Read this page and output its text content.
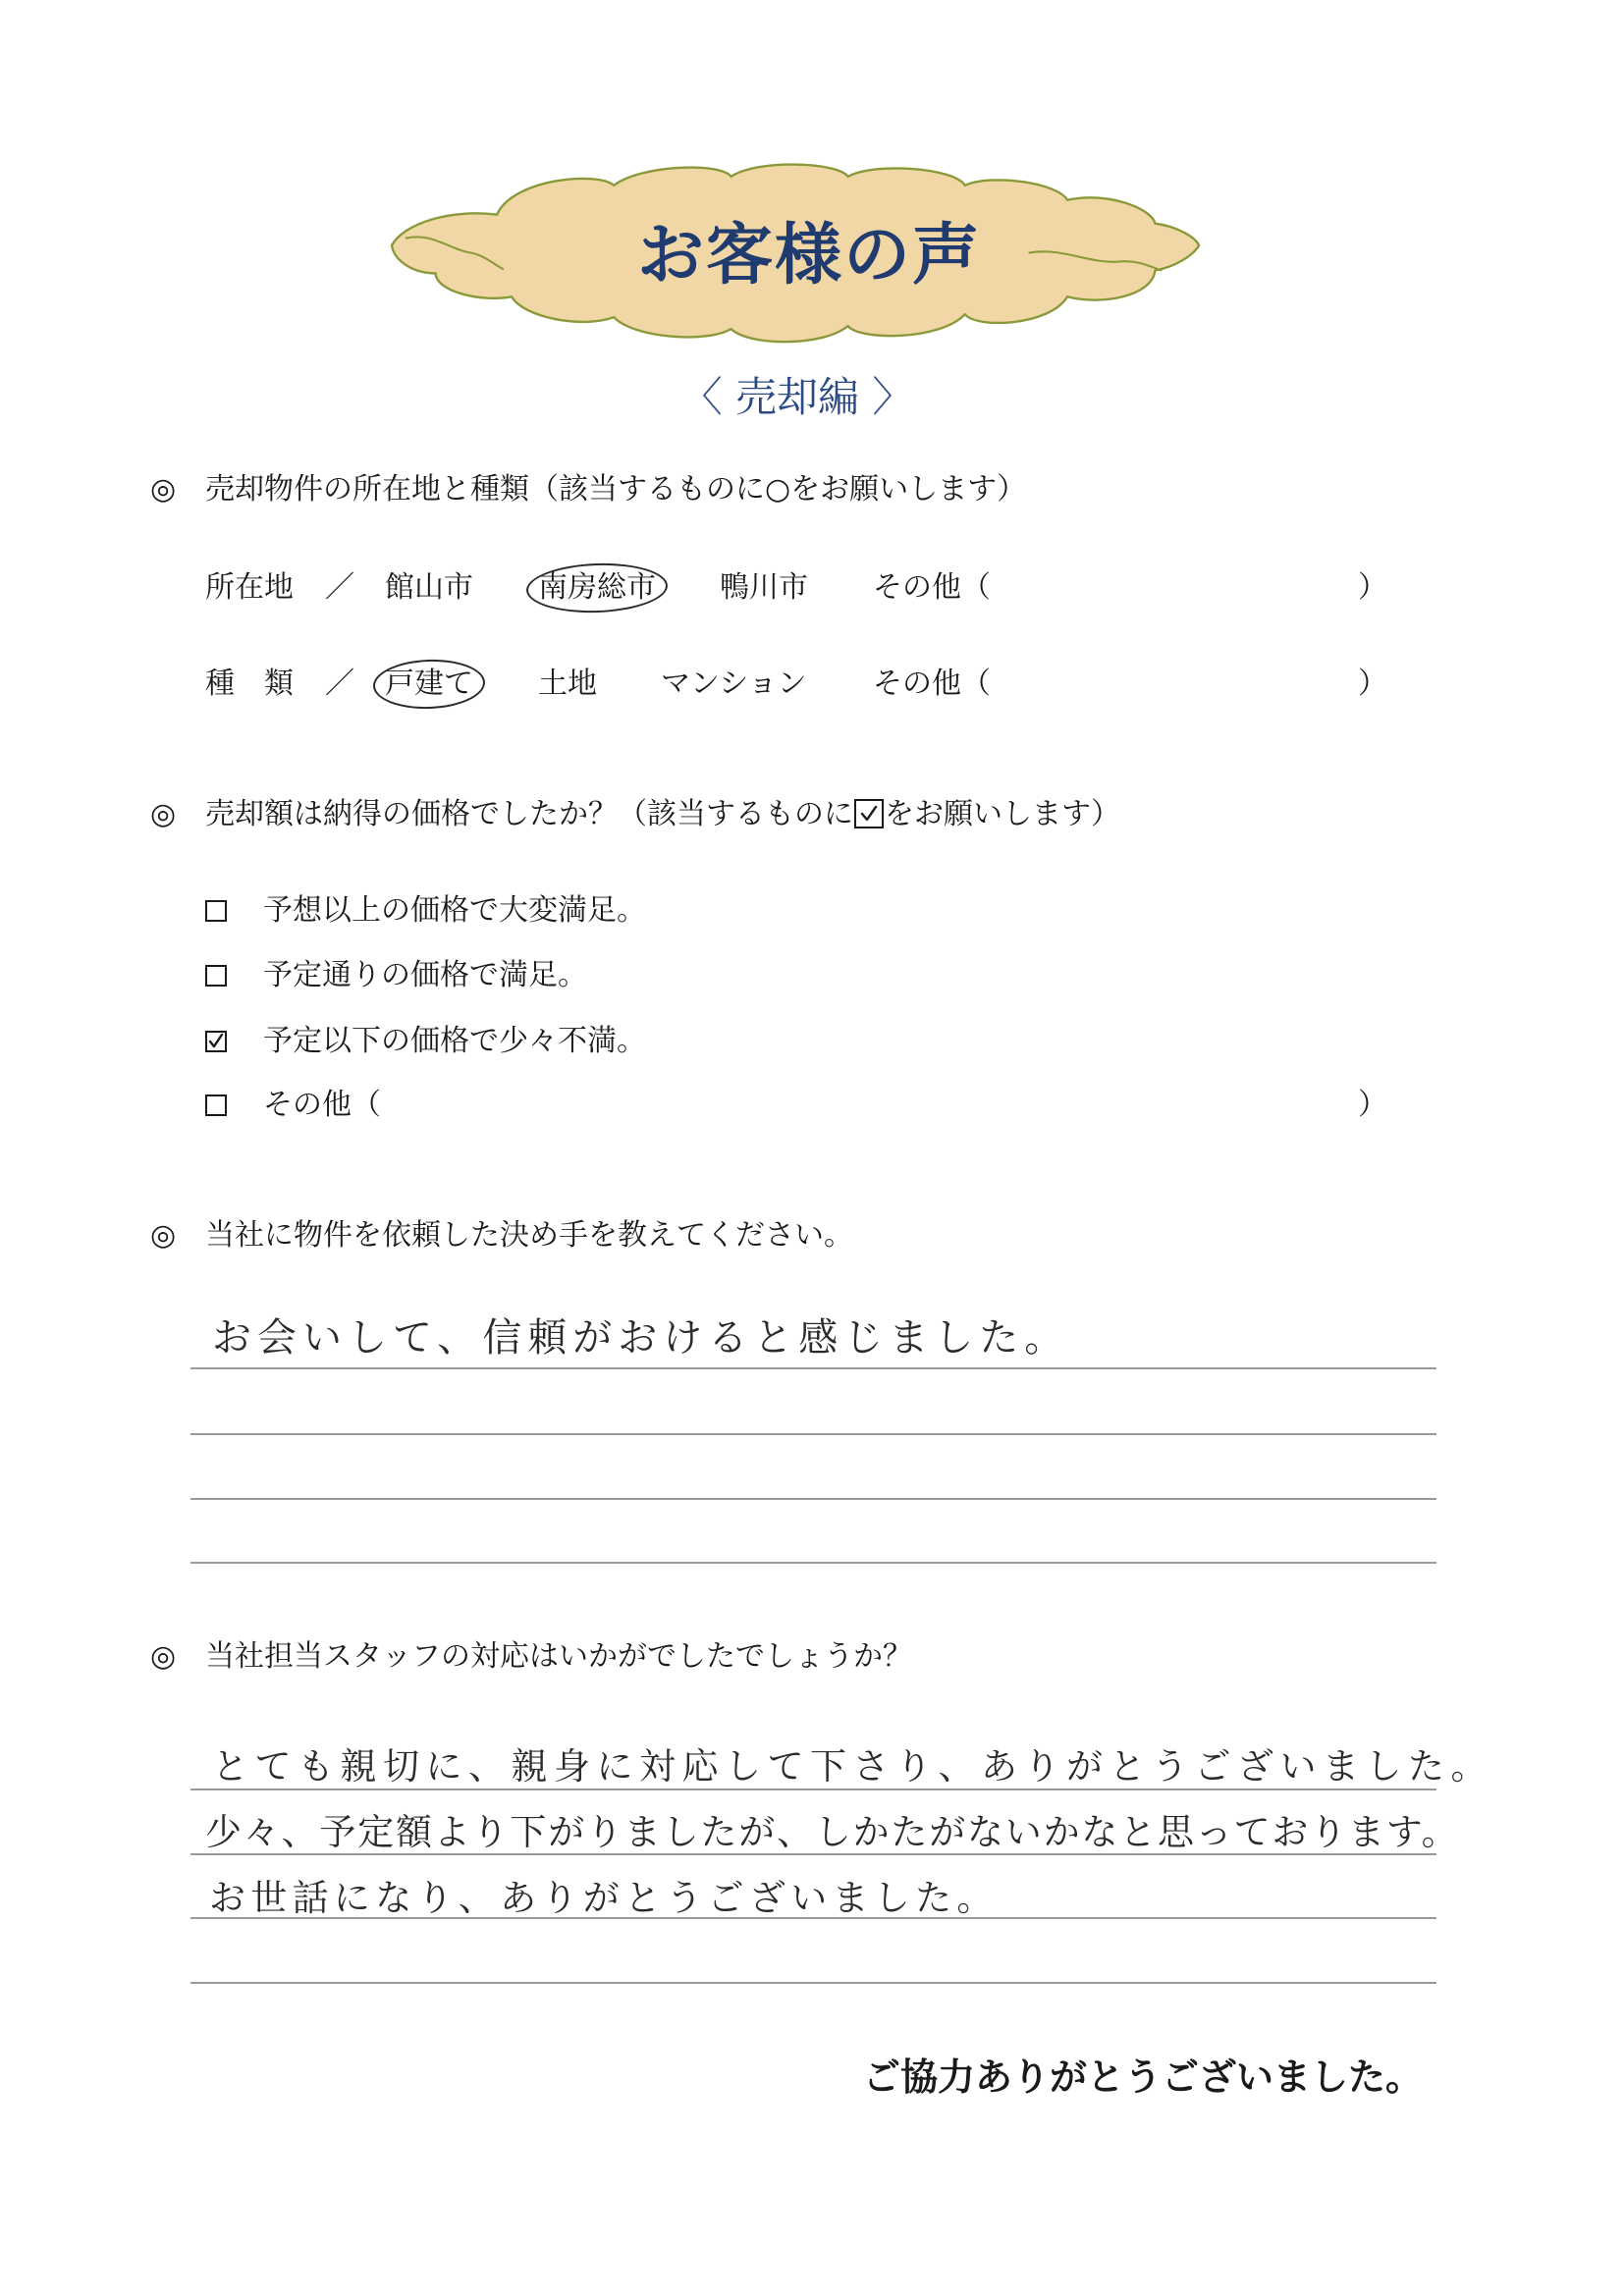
お客様の声
〈 売却編 〉
◎ 売却物件の所在地と種類（該当するものに○をお願いします）
所在地 ／ 館山市 南房総市 鴨川市 その他（	）
種　類 ／ 戸建て 土地 マンション その他（	）
◎ 売却額は納得の価格でしたか？（該当するものに をお願いします）
予想以上の価格で大変満足。
予定通りの価格で満足。
予定以下の価格で少々不満。
その他（	）
◎ 当社に物件を依頼した決め手を教えてください。
お会いして、信頼がおけると感じました。
◎ 当社担当スタッフの対応はいかがでしたでしょうか？
とても親切に、親身に対応して下さり、ありがとうございました。
少々、予定額より下がりましたが、しかたがないかなと思っております。
お世話になり、ありがとうございました。
ご協力ありがとうございました。
